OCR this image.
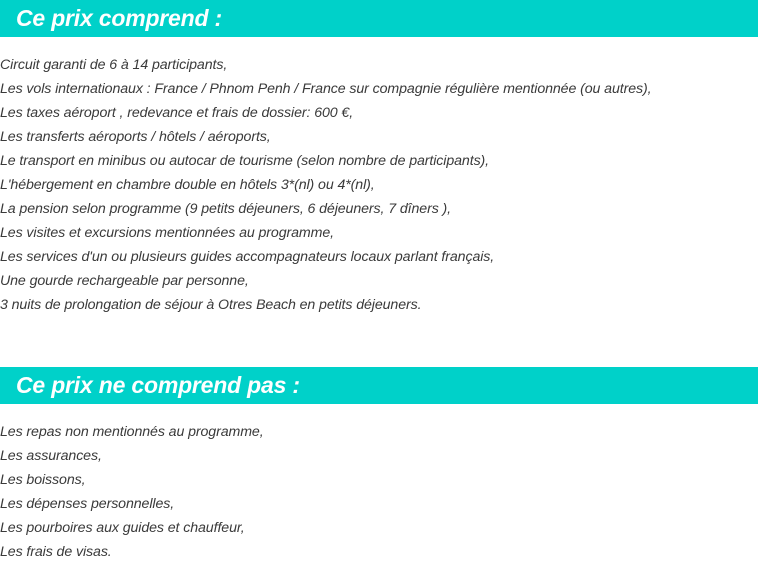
Ce prix comprend :
Circuit garanti de 6 à 14 participants,
Les vols internationaux : France / Phnom Penh / France sur compagnie régulière mentionnée (ou autres),
Les taxes aéroport , redevance et frais de dossier: 600 €,
Les transferts aéroports / hôtels / aéroports,
Le transport en minibus ou autocar de tourisme (selon nombre de participants),
L'hébergement en chambre double en hôtels 3*(nl) ou 4*(nl),
La pension selon programme (9 petits déjeuners, 6 déjeuners, 7 dîners ),
Les visites et excursions mentionnées au programme,
Les services d'un ou plusieurs guides accompagnateurs locaux parlant français,
Une gourde rechargeable par personne,
3 nuits de prolongation de séjour à Otres Beach en petits déjeuners.
Ce prix ne comprend pas :
Les repas non mentionnés au programme,
Les assurances,
Les boissons,
Les dépenses personnelles,
Les pourboires aux guides et chauffeur,
Les frais de visas.
